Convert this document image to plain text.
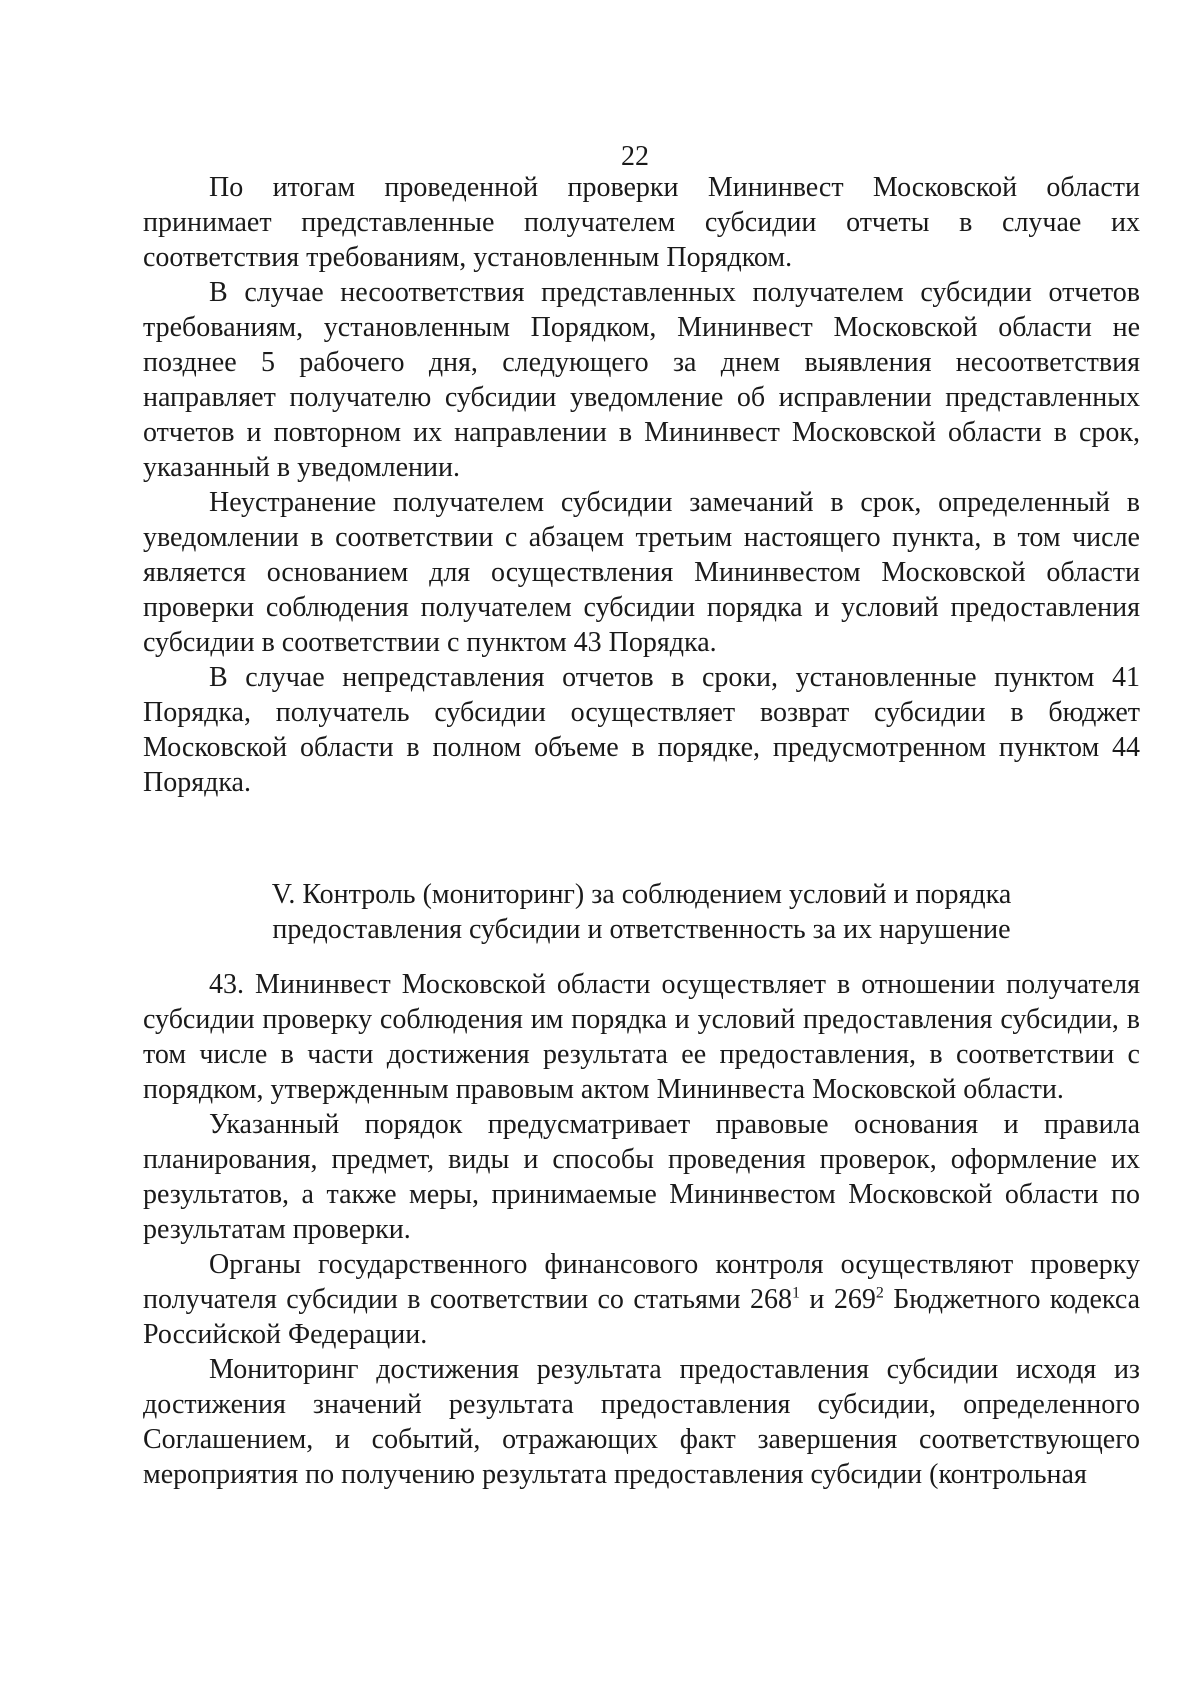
22

По итогам проведенной проверки Мининвест Московской области принимает представленные получателем субсидии отчеты в случае их соответствия требованиям, установленным Порядком.

В случае несоответствия представленных получателем субсидии отчетов требованиям, установленным Порядком, Мининвест Московской области не позднее 5 рабочего дня, следующего за днем выявления несоответствия направляет получателю субсидии уведомление об исправлении представленных отчетов и повторном их направлении в Мининвест Московской области в срок, указанный в уведомлении.

Неустранение получателем субсидии замечаний в срок, определенный в уведомлении в соответствии с абзацем третьим настоящего пункта, в том числе является основанием для осуществления Мининвестом Московской области проверки соблюдения получателем субсидии порядка и условий предоставления субсидии в соответствии с пунктом 43 Порядка.

В случае непредставления отчетов в сроки, установленные пунктом 41 Порядка, получатель субсидии осуществляет возврат субсидии в бюджет Московской области в полном объеме в порядке, предусмотренном пунктом 44 Порядка.

V. Контроль (мониторинг) за соблюдением условий и порядка
предоставления субсидии и ответственность за их нарушение

43. Мининвест Московской области осуществляет в отношении получателя субсидии проверку соблюдения им порядка и условий предоставления субсидии, в том числе в части достижения результата ее предоставления, в соответствии с порядком, утвержденным правовым актом Мининвеста Московской области.

Указанный порядок предусматривает правовые основания и правила планирования, предмет, виды и способы проведения проверок, оформление их результатов, а также меры, принимаемые Мининвестом Московской области по результатам проверки.

Органы государственного финансового контроля осуществляют проверку получателя субсидии в соответствии со статьями $268^1$ и $269^2$ Бюджетного кодекса Российской Федерации.

Мониторинг достижения результата предоставления субсидии исходя из достижения значений результата предоставления субсидии, определенного Соглашением, и событий, отражающих факт завершения соответствующего мероприятия по получению результата предоставления субсидии (контрольная
